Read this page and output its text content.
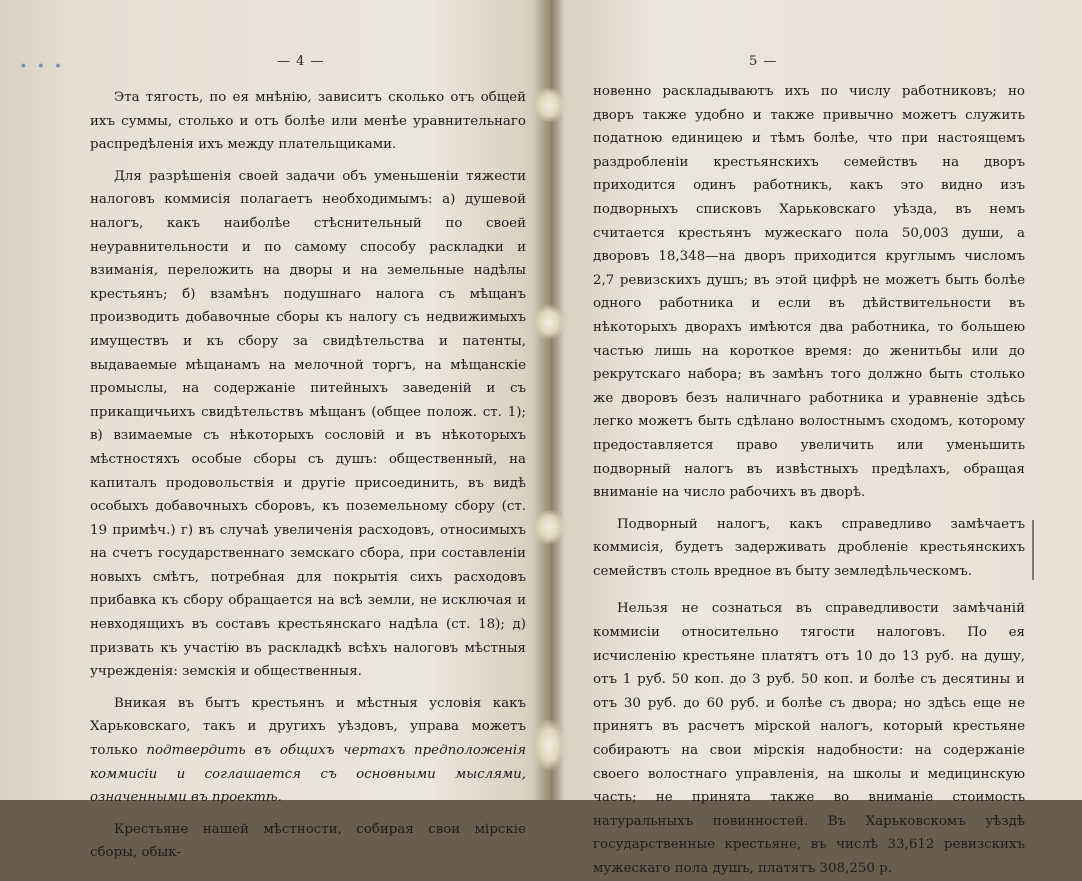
∙ ∙ ∙	— 4 —

Эта тягость, по ея мнѣнію, зависитъ сколько отъ общей ихъ суммы, столько и отъ болѣе или менѣе уравнительнаго распредѣленія ихъ между плательщиками.

Для разрѣшенія своей задачи объ уменьшеніи тяжести налоговъ коммисія полагаетъ необходимымъ: а) душевой налогъ, какъ наиболѣе стѣснительный по своей неуравнительности и по самому способу раскладки и взиманія, переложить на дворы и на земельные надѣлы крестьянъ; б) взамѣнъ подушнаго налога съ мѣщанъ производить добавочные сборы къ налогу съ недвижимыхъ имуществъ и къ сбору за свидѣтельства и патенты, выдаваемые мѣщанамъ на мелочной торгъ, на мѣщанскіе промыслы, на содержаніе питейныхъ заведеній и съ прикащичьихъ свидѣтельствъ мѣщанъ (общее полож. ст. 1); в) взимаемые съ нѣкоторыхъ сословій и въ нѣкоторыхъ мѣстностяхъ особые сборы съ душъ: общественный, на капиталъ продовольствія и другіе присоединить, въ видѣ особыхъ добавочныхъ сборовъ, къ поземельному сбору (ст. 19 примѣч.) г) въ случаѣ увеличенія расходовъ, относимыхъ на счетъ государственнаго земскаго сбора, при составленіи новыхъ смѣтъ, потребная для покрытія сихъ расходовъ прибавка къ сбору обращается на всѣ земли, не исключая и невходящихъ въ составъ крестьянскаго надѣла (ст. 18); д) призвать къ участію въ раскладкѣ всѣхъ налоговъ мѣстныя учрежденія: земскія и общественныя.

Вникая въ бытъ крестьянъ и мѣстныя условія какъ Харьковскаго, такъ и другихъ уѣздовъ, управа можетъ только подтвердить въ общихъ чертахъ предположенія коммисіи и соглашается съ основными мыслями, означенными въ проектѣ.

Крестьяне нашей мѣстности, собирая свои мірскіе сборы, обык-

5 —

новенно раскладываютъ ихъ по числу работниковъ; но дворъ также удобно и также привычно можетъ служить податною единицею и тѣмъ болѣе, что при настоящемъ раздробленіи крестьянскихъ семействъ на дворъ приходится одинъ работникъ, какъ это видно изъ подворныхъ списковъ Харьковскаго уѣзда, въ немъ считается крестьянъ мужескаго пола 50,003 души, а дворовъ 18,348—на дворъ приходится круглымъ числомъ 2,7 ревизскихъ душъ; въ этой цифрѣ не можетъ быть болѣе одного работника и если въ дѣйствительности въ нѣкоторыхъ дворахъ имѣются два работника, то большею частью лишь на короткое время: до женитьбы или до рекрутскаго набора; въ замѣнъ того должно быть столько же дворовъ безъ наличнаго работника и уравненіе здѣсь легко можетъ быть сдѣлано волостнымъ сходомъ, которому предоставляется право увеличить или уменьшить подворный налогъ въ извѣстныхъ предѣлахъ, обращая вниманіе на число рабочихъ въ дворѣ.

Подворный налогъ, какъ справедливо замѣчаетъ коммисія, будетъ задерживать дробленіе крестьянскихъ семействъ столь вредное въ быту земледѣльческомъ.

Нельзя не сознаться въ справедливости замѣчаній коммисіи относительно тягости налоговъ. По ея исчисленію крестьяне платятъ отъ 10 до 13 руб. на душу, отъ 1 руб. 50 коп. до 3 руб. 50 коп. и болѣе съ десятины и отъ 30 руб. до 60 руб. и болѣе съ двора; но здѣсь еще не принятъ въ расчетъ мірской налогъ, который крестьяне собираютъ на свои мірскія надобности: на содержаніе своего волостнаго управленія, на школы и медицинскую часть; не принята также во вниманіе стоимость натуральныхъ повинностей. Въ Харьковскомъ уѣздѣ государственные крестьяне, въ числѣ 33,612 ревизскихъ мужескаго пола душъ, платятъ 308,250 р.
